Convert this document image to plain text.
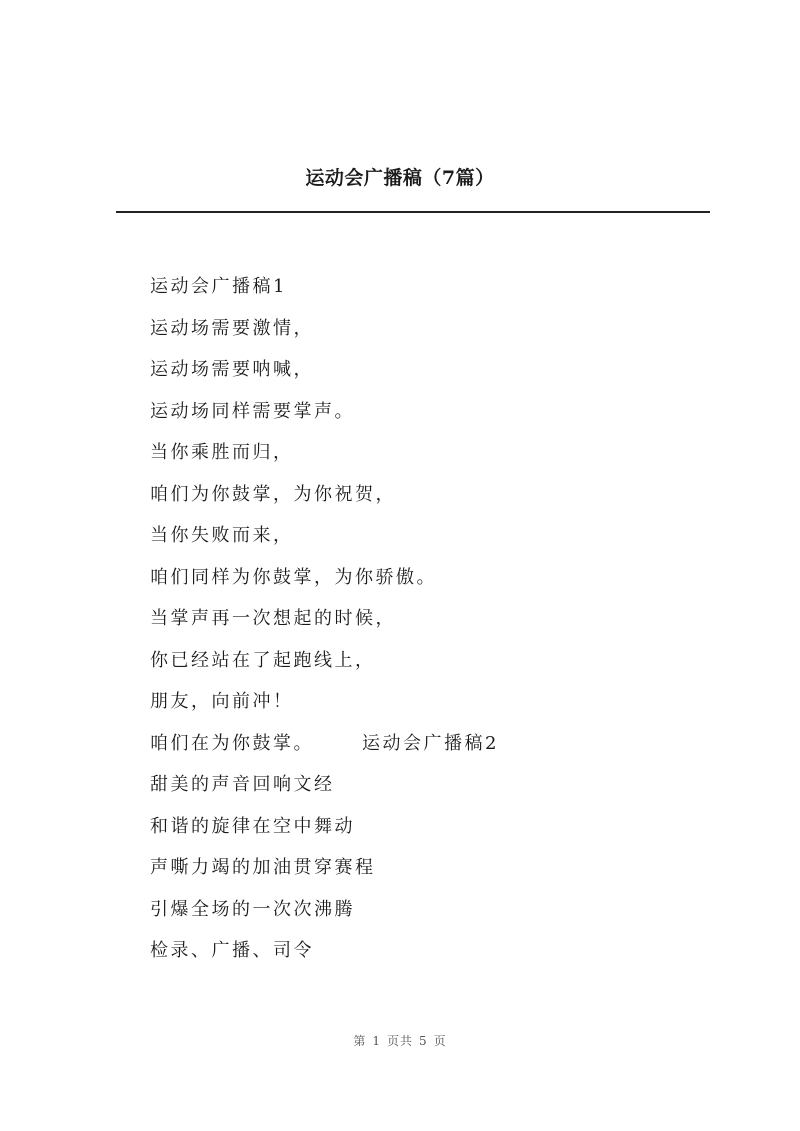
运动会广播稿（7篇）
运动会广播稿1
运动场需要激情，
运动场需要呐喊，
运动场同样需要掌声。
当你乘胜而归，
咱们为你鼓掌，为你祝贺，
当你失败而来，
咱们同样为你鼓掌，为你骄傲。
当掌声再一次想起的时候，
你已经站在了起跑线上，
朋友，向前冲！
咱们在为你鼓掌。	运动会广播稿2
甜美的声音回响文经
和谐的旋律在空中舞动
声嘶力竭的加油贯穿赛程
引爆全场的一次次沸腾
检录、广播、司令
第 1 页共 5 页
